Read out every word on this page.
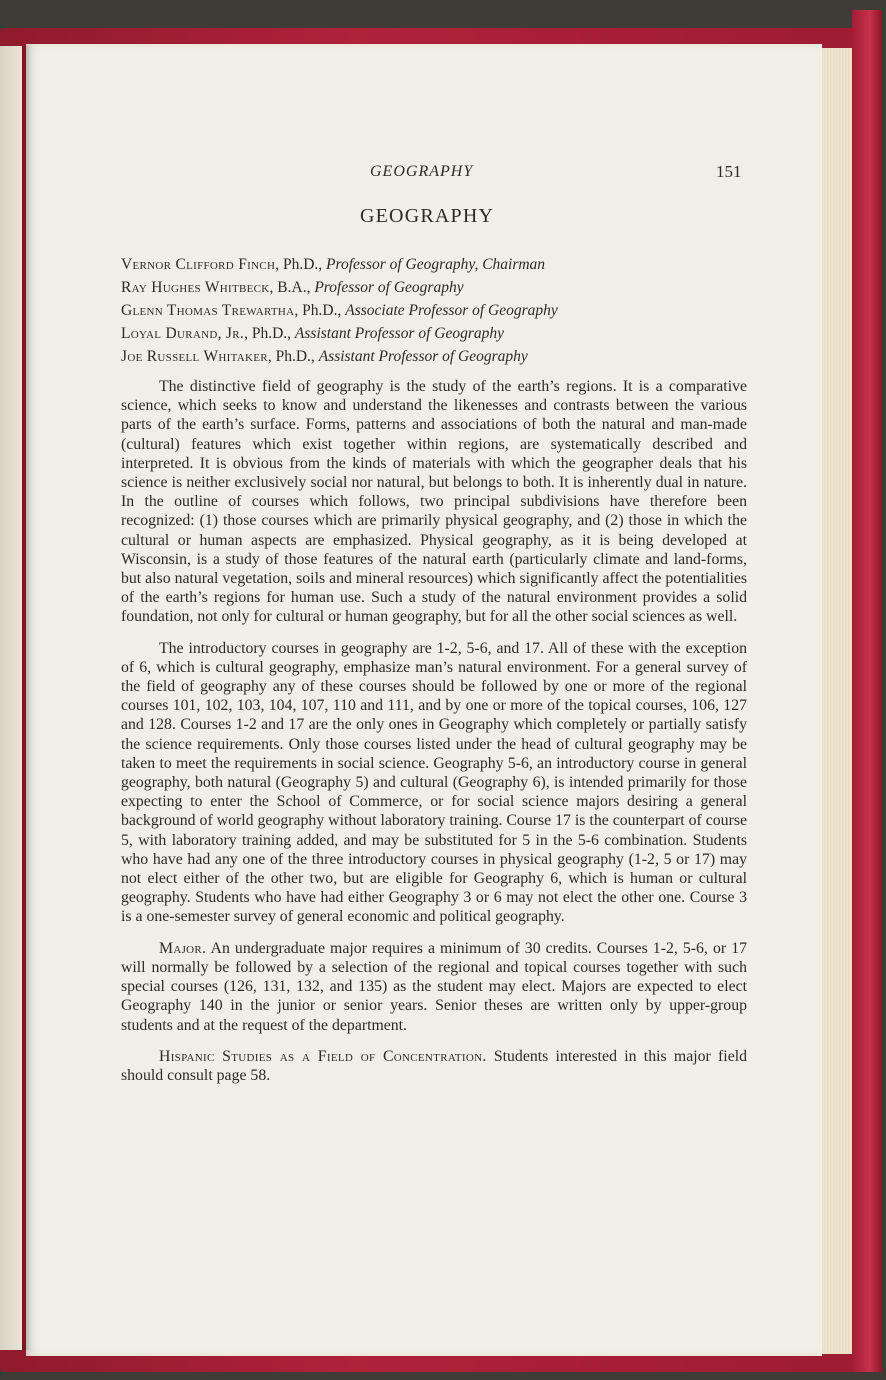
GEOGRAPHY	151
GEOGRAPHY
Vernor Clifford Finch, Ph.D., Professor of Geography, Chairman
Ray Hughes Whitbeck, B.A., Professor of Geography
Glenn Thomas Trewartha, Ph.D., Associate Professor of Geography
Loyal Durand, Jr., Ph.D., Assistant Professor of Geography
Joe Russell Whitaker, Ph.D., Assistant Professor of Geography

The distinctive field of geography is the study of the earth’s regions. It is a comparative science, which seeks to know and understand the likenesses and contrasts between the various parts of the earth’s surface. Forms, patterns and associations of both the natural and man-made (cultural) features which exist together within regions, are systematically described and interpreted. It is obvious from the kinds of materials with which the geographer deals that his science is neither exclusively social nor natural, but belongs to both. It is inherently dual in nature. In the outline of courses which follows, two principal subdivisions have therefore been recognized: (1) those courses which are primarily physical geography, and (2) those in which the cultural or human aspects are emphasized. Physical geography, as it is being developed at Wisconsin, is a study of those features of the natural earth (particularly climate and land-forms, but also natural vegetation, soils and mineral resources) which significantly affect the potentialities of the earth’s regions for human use. Such a study of the natural environment provides a solid foundation, not only for cultural or human geography, but for all the other social sciences as well.

The introductory courses in geography are 1-2, 5-6, and 17. All of these with the exception of 6, which is cultural geography, emphasize man’s natural environment. For a general survey of the field of geography any of these courses should be followed by one or more of the regional courses 101, 102, 103, 104, 107, 110 and 111, and by one or more of the topical courses, 106, 127 and 128. Courses 1-2 and 17 are the only ones in Geography which completely or partially satisfy the science requirements. Only those courses listed under the head of cultural geography may be taken to meet the requirements in social science. Geography 5-6, an introductory course in general geography, both natural (Geography 5) and cultural (Geography 6), is intended primarily for those expecting to enter the School of Commerce, or for social science majors desiring a general background of world geography without laboratory training. Course 17 is the counterpart of course 5, with laboratory training added, and may be substituted for 5 in the 5-6 combination. Students who have had any one of the three introductory courses in physical geography (1-2, 5 or 17) may not elect either of the other two, but are eligible for Geography 6, which is human or cultural geography. Students who have had either Geography 3 or 6 may not elect the other one. Course 3 is a one-semester survey of general economic and political geography.

Major. An undergraduate major requires a minimum of 30 credits. Courses 1-2, 5-6, or 17 will normally be followed by a selection of the regional and topical courses together with such special courses (126, 131, 132, and 135) as the student may elect. Majors are expected to elect Geography 140 in the junior or senior years. Senior theses are written only by upper-group students and at the request of the department.

Hispanic Studies as a Field of Concentration. Students interested in this major field should consult page 58.
